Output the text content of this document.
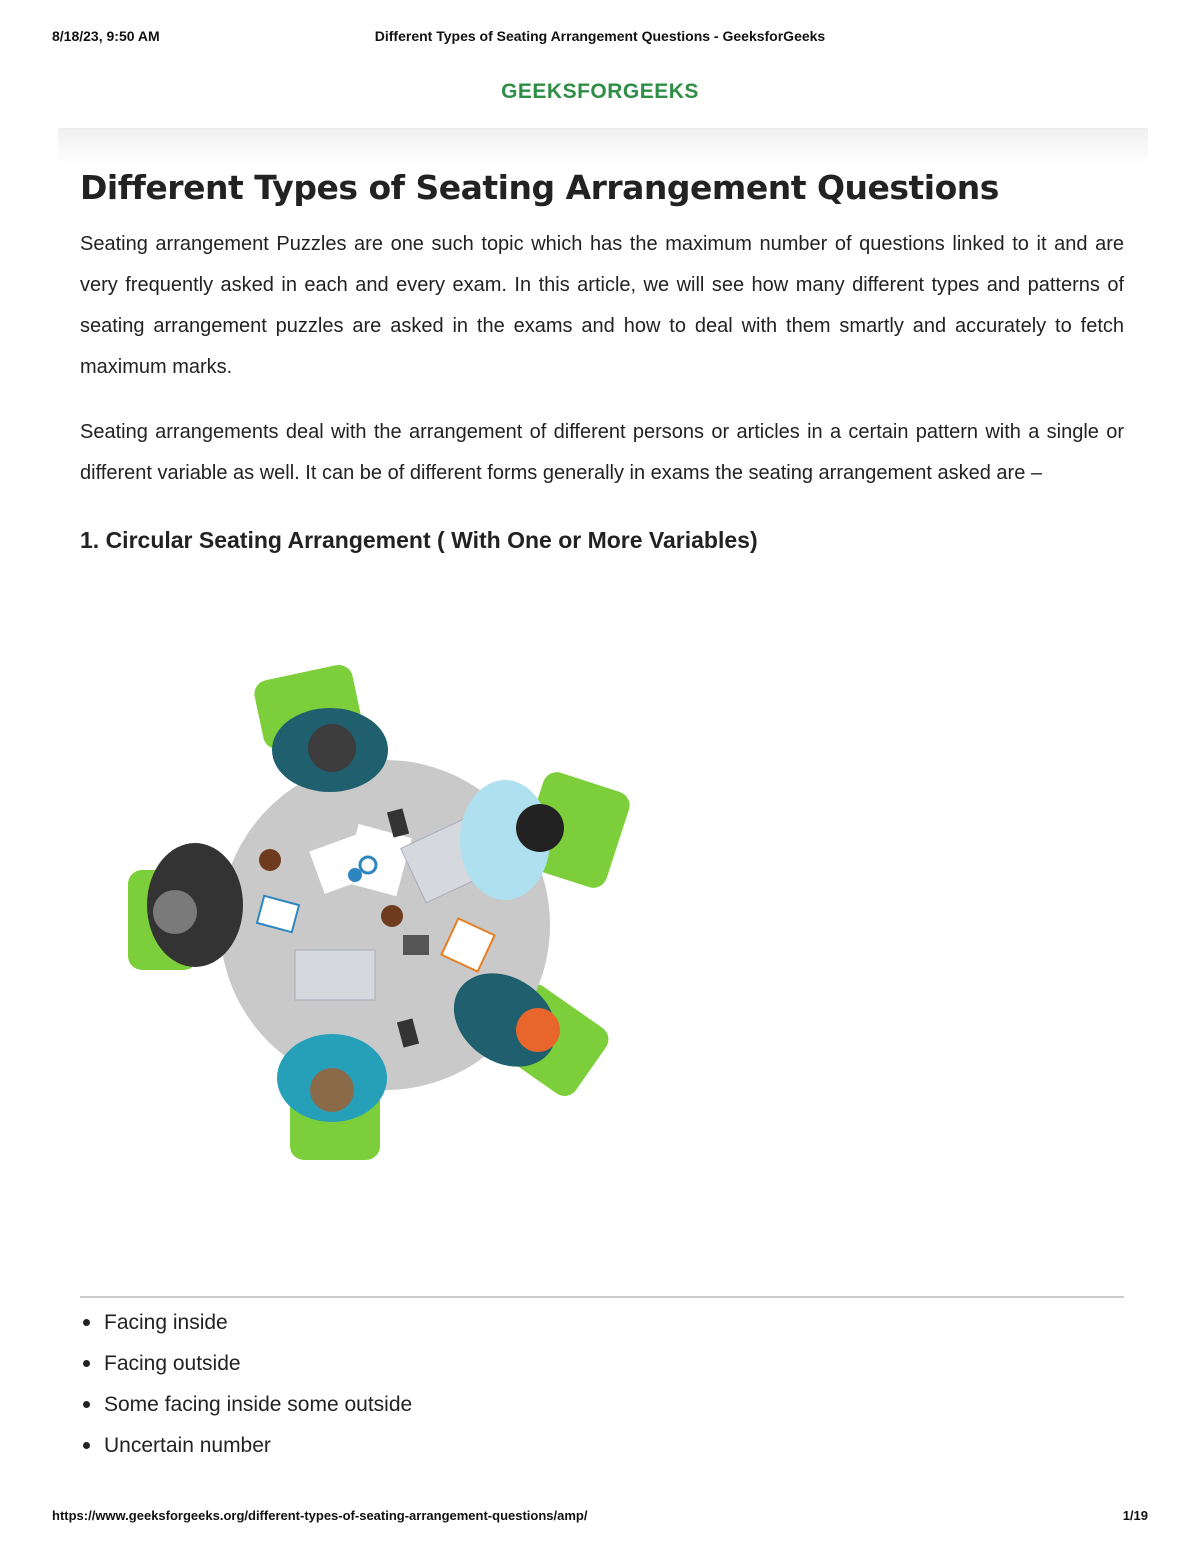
8/18/23, 9:50 AM	Different Types of Seating Arrangement Questions - GeeksforGeeks
GEEKSFORGEEKS
Different Types of Seating Arrangement Questions

Seating arrangement Puzzles are one such topic which has the maximum number of questions linked to it and are very frequently asked in each and every exam. In this article, we will see how many different types and patterns of seating arrangement puzzles are asked in the exams and how to deal with them smartly and accurately to fetch maximum marks.

Seating arrangements deal with the arrangement of different persons or articles in a certain pattern with a single or different variable as well. It can be of different forms generally in exams the seating arrangement asked are –

1. Circular Seating Arrangement ( With One or More Variables)
Facing inside
Facing outside
Some facing inside some outside
Uncertain number
https://www.geeksforgeeks.org/different-types-of-seating-arrangement-questions/amp/	1/19
